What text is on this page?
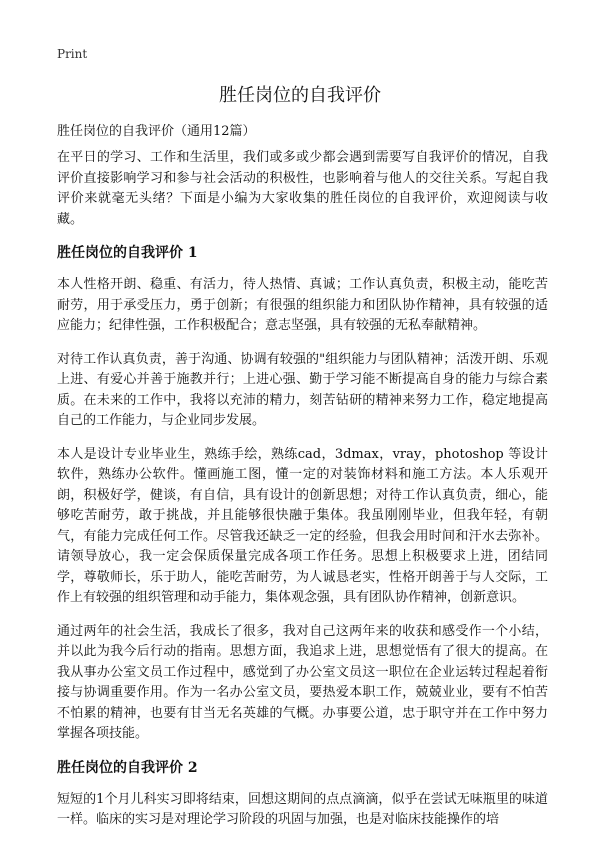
Print
胜任岗位的自我评价

胜任岗位的自我评价（通用12篇）

在平日的学习、工作和生活里，我们或多或少都会遇到需要写自我评价的情况，自我评价直接影响学习和参与社会活动的积极性，也影响着与他人的交往关系。写起自我评价来就毫无头绪？下面是小编为大家收集的胜任岗位的自我评价，欢迎阅读与收藏。

胜任岗位的自我评价 1

本人性格开朗、稳重、有活力，待人热情、真诚；工作认真负责，积极主动，能吃苦耐劳，用于承受压力，勇于创新；有很强的组织能力和团队协作精神，具有较强的适应能力；纪律性强，工作积极配合；意志坚强，具有较强的无私奉献精神。

对待工作认真负责，善于沟通、协调有较强的"组织能力与团队精神；活泼开朗、乐观上进、有爱心并善于施教并行；上进心强、勤于学习能不断提高自身的能力与综合素质。在未来的工作中，我将以充沛的精力，刻苦钻研的精神来努力工作，稳定地提高自己的工作能力，与企业同步发展。

本人是设计专业毕业生，熟练手绘，熟练cad，3dmax，vray，photoshop 等设计软件，熟练办公软件。懂画施工图，懂一定的对装饰材料和施工方法。本人乐观开朗，积极好学，健谈，有自信，具有设计的创新思想；对待工作认真负责，细心，能够吃苦耐劳，敢于挑战，并且能够很快融于集体。我虽刚刚毕业，但我年轻，有朝气，有能力完成任何工作。尽管我还缺乏一定的经验，但我会用时间和汗水去弥补。请领导放心，我一定会保质保量完成各项工作任务。思想上积极要求上进，团结同学，尊敬师长，乐于助人，能吃苦耐劳，为人诚恳老实，性格开朗善于与人交际，工作上有较强的组织管理和动手能力，集体观念强，具有团队协作精神，创新意识。

通过两年的社会生活，我成长了很多，我对自己这两年来的收获和感受作一个小结，并以此为我今后行动的指南。思想方面，我追求上进，思想觉悟有了很大的提高。在我从事办公室文员工作过程中，感觉到了办公室文员这一职位在企业运转过程起着衔接与协调重要作用。作为一名办公室文员，要热爱本职工作，兢兢业业，要有不怕苦不怕累的精神，也要有甘当无名英雄的气概。办事要公道，忠于职守并在工作中努力掌握各项技能。

胜任岗位的自我评价 2

短短的1个月儿科实习即将结束，回想这期间的点点滴滴，似乎在尝试无味瓶里的味道一样。临床的实习是对理论学习阶段的巩固与加强，也是对临床技能操作的培
